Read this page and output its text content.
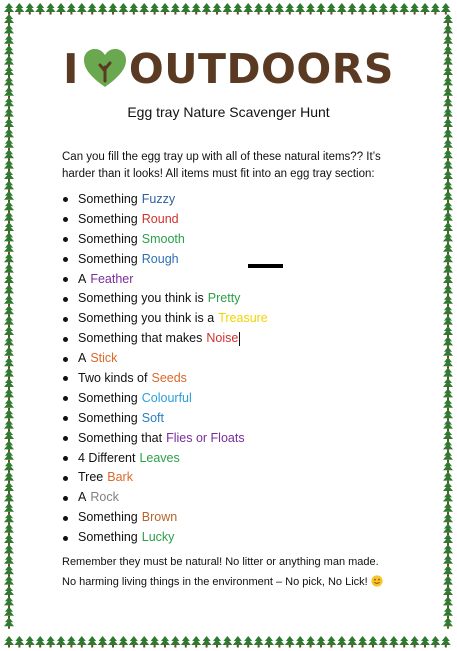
I OUTDOORS
Egg tray Nature Scavenger Hunt
Can you fill the egg tray up with all of these natural items?? It’s harder than it looks! All items must fit into an egg tray section:
Something Fuzzy
Something Round
Something Smooth
Something Rough
A Feather
Something you think is Pretty
Something you think is a Treasure
Something that makes Noise
A Stick
Two kinds of Seeds
Something Colourful
Something Soft
Something that Flies or Floats
4 Different Leaves
Tree Bark
A Rock
Something Brown
Something Lucky

Remember they must be natural! No litter or anything man made.

No harming living things in the environment – No pick, No Lick!
